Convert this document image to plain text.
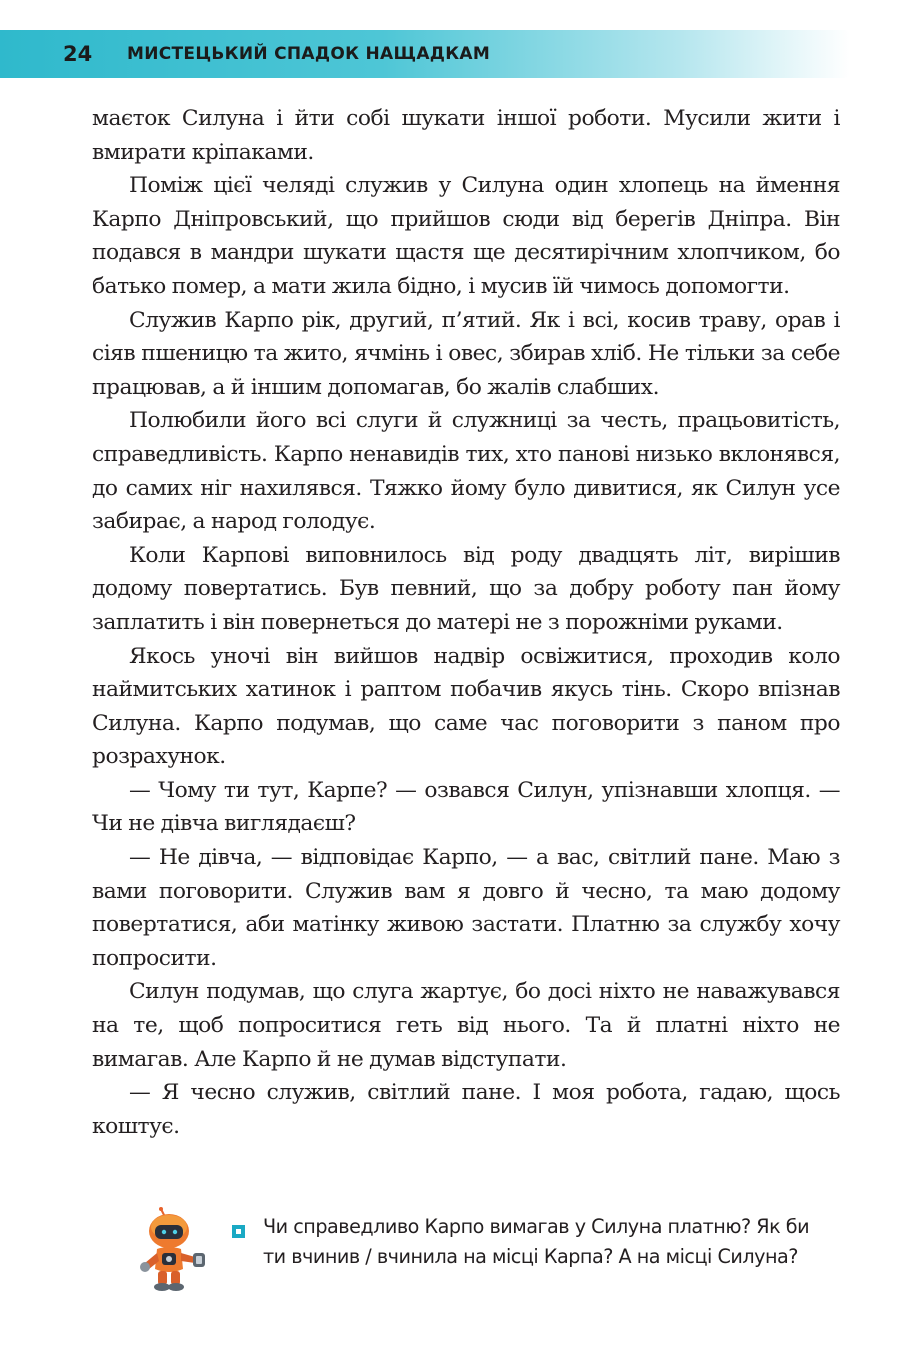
24 МИСТЕЦЬКИЙ СПАДОК НАЩАДКАМ

маєток Силуна і йти собі шукати іншої роботи. Мусили жити і вмирати кріпаками.

Поміж цієї челяді служив у Силуна один хлопець на ймення Карпо Дніпровський, що прийшов сюди від берегів Дніпра. Він подався в мандри шукати щастя ще десятирічним хлопчиком, бо батько помер, а мати жила бідно, і мусив їй чимось допомогти.

Служив Карпо рік, другий, п’ятий. Як і всі, косив траву, орав і сіяв пшеницю та жито, ячмінь і овес, збирав хліб. Не тільки за себе працював, а й іншим допомагав, бо жалів слабших.

Полюбили його всі слуги й служниці за честь, працьовитість, справедливість. Карпо ненавидів тих, хто панові низько вклонявся, до самих ніг нахилявся. Тяжко йому було дивитися, як Силун усе забирає, а народ голодує.

Коли Карпові виповнилось від роду двадцять літ, вирішив додому повертатись. Був певний, що за добру роботу пан йому заплатить і він повернеться до матері не з порожніми руками.

Якось уночі він вийшов надвір освіжитися, проходив коло наймитських хатинок і раптом побачив якусь тінь. Скоро впізнав Силуна. Карпо подумав, що саме час поговорити з паном про розрахунок.

— Чому ти тут, Карпе? — озвався Силун, упізнавши хлопця. — Чи не дівча виглядаєш?

— Не дівча, — відповідає Карпо, — а вас, світлий пане. Маю з вами поговорити. Служив вам я довго й чесно, та маю додому повертатися, аби матінку живою застати. Платню за службу хочу попросити.

Силун подумав, що слуга жартує, бо досі ніхто не наважувався на те, щоб попроситися геть від нього. Та й платні ніхто не вимагав. Але Карпо й не думав відступати.

— Я чесно служив, світлий пане. І моя робота, гадаю, щось коштує.

Чи справедливо Карпо вимагав у Силуна платню? Як би
ти вчинив / вчинила на місці Карпа? А на місці Силуна?
